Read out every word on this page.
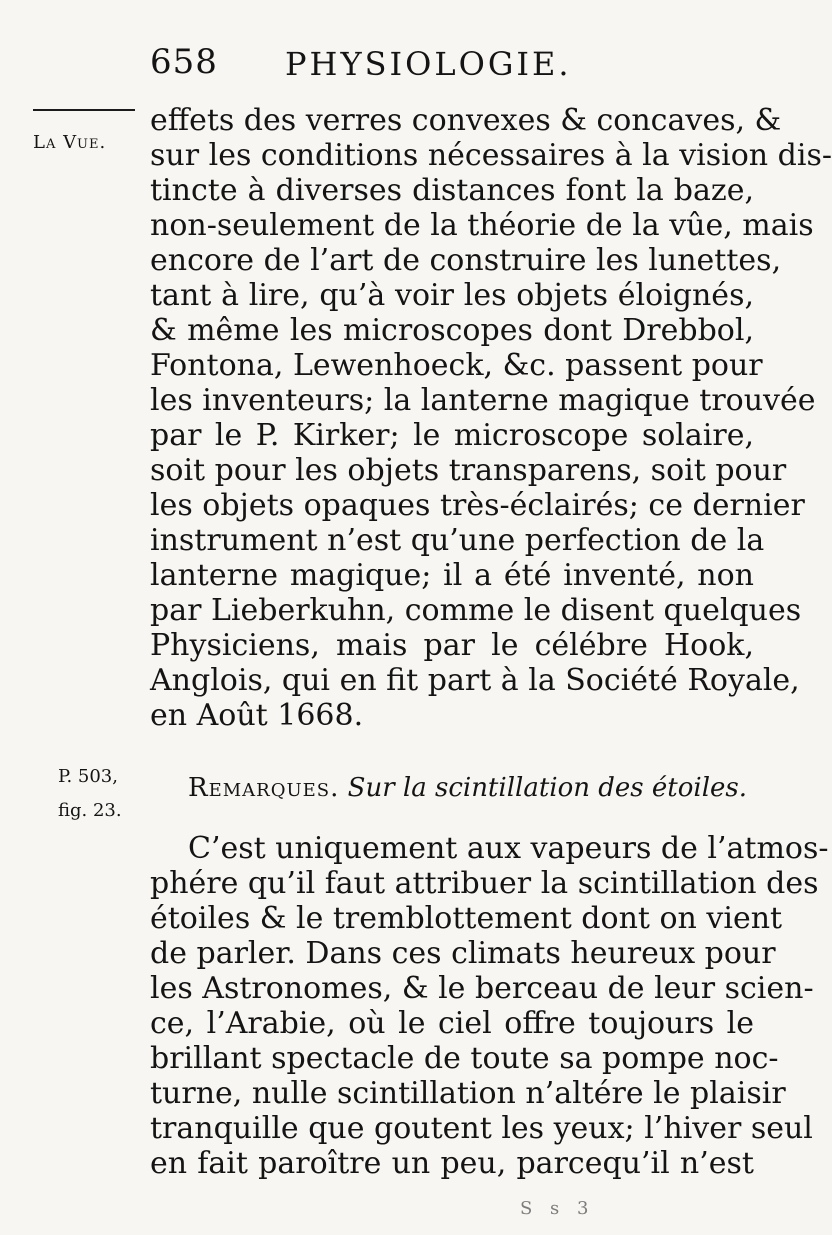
658 PHYSIOLOGIE.
La Vue.
effets des verres convexes & concaves, &
sur les conditions nécessaires à la vision dis-
tincte à diverses distances font la baze,
non-seulement de la théorie de la vûe, mais
encore de l’art de construire les lunettes,
tant à lire, qu’à voir les objets éloignés,
& même les microscopes dont Drebbol,
Fontona, Lewenhoeck, &c. passent pour
les inventeurs; la lanterne magique trouvée
par le P. Kirker; le microscope solaire,
soit pour les objets transparens, soit pour
les objets opaques très-éclairés; ce dernier
instrument n’est qu’une perfection de la
lanterne magique; il a été inventé, non
par Lieberkuhn, comme le disent quelques
Physiciens, mais par le célébre Hook,
Anglois, qui en fit part à la Société Royale,
en Août 1668.
P. 503,
fig. 23.
Remarques. Sur la scintillation des étoiles.
C’est uniquement aux vapeurs de l’atmos-
phére qu’il faut attribuer la scintillation des
étoiles & le tremblottement dont on vient
de parler. Dans ces climats heureux pour
les Astronomes, & le berceau de leur scien-
ce, l’Arabie, où le ciel offre toujours le
brillant spectacle de toute sa pompe noc-
turne, nulle scintillation n’altére le plaisir
tranquille que goutent les yeux; l’hiver seul
en fait paroître un peu, parcequ’il n’est
S s 3
